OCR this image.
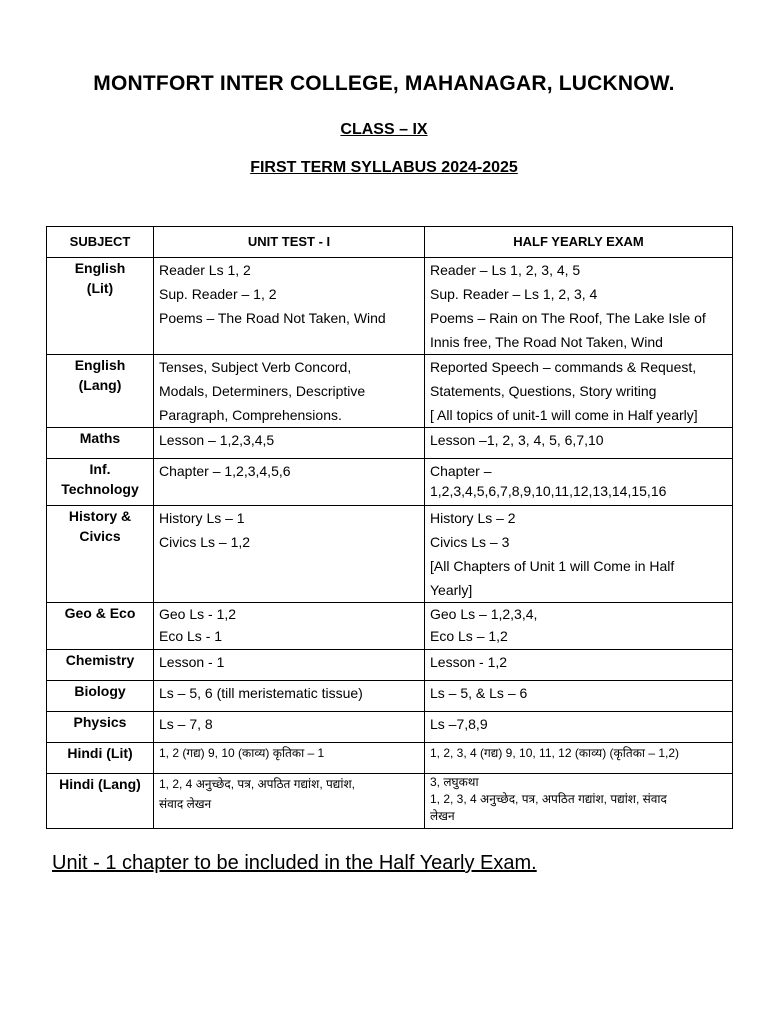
MONTFORT INTER COLLEGE, MAHANAGAR, LUCKNOW.
CLASS – IX
FIRST TERM SYLLABUS 2024-2025
SUBJECT	UNIT TEST - I	HALF YEARLY EXAM

English
(Lit)	Reader Ls 1, 2
Sup. Reader – 1, 2
Poems – The Road Not Taken, Wind	Reader – Ls 1, 2, 3, 4, 5
Sup. Reader – Ls 1, 2, 3, 4
Poems – Rain on The Roof, The Lake Isle of
Innis free, The Road Not Taken, Wind

English
(Lang)	Tenses, Subject Verb Concord,
Modals, Determiners, Descriptive
Paragraph, Comprehensions.	Reported Speech – commands & Request,
Statements, Questions, Story writing
[ All topics of unit-1 will come in Half yearly]

Maths	Lesson – 1,2,3,4,5	Lesson –1, 2, 3, 4, 5, 6,7,10

Inf.
Technology	Chapter – 1,2,3,4,5,6	Chapter –
1,2,3,4,5,6,7,8,9,10,11,12,13,14,15,16

History &
Civics	History Ls – 1
Civics Ls – 1,2	History Ls – 2
Civics Ls – 3
[All Chapters of Unit 1 will Come in Half
Yearly]

Geo & Eco	Geo Ls - 1,2
Eco Ls - 1	Geo Ls – 1,2,3,4,
Eco Ls – 1,2

Chemistry	Lesson - 1	Lesson - 1,2

Biology	Ls – 5, 6 (till meristematic tissue)	Ls – 5, & Ls – 6

Physics	Ls – 7, 8	Ls –7,8,9

Hindi (Lit)	1, 2 (गद्य) 9, 10 (काव्य) कृतिका – 1	1, 2, 3, 4 (गद्य) 9, 10, 11, 12 (काव्य) (कृतिका – 1,2)

Hindi (Lang)	1, 2, 4 अनुच्छेद, पत्र, अपठित गद्यांश, पद्यांश,
संवाद लेखन	3, लघुकथा
1, 2, 3, 4 अनुच्छेद, पत्र, अपठित गद्यांश, पद्यांश, संवाद
लेखन
Unit - 1 chapter to be included in the Half Yearly Exam.
